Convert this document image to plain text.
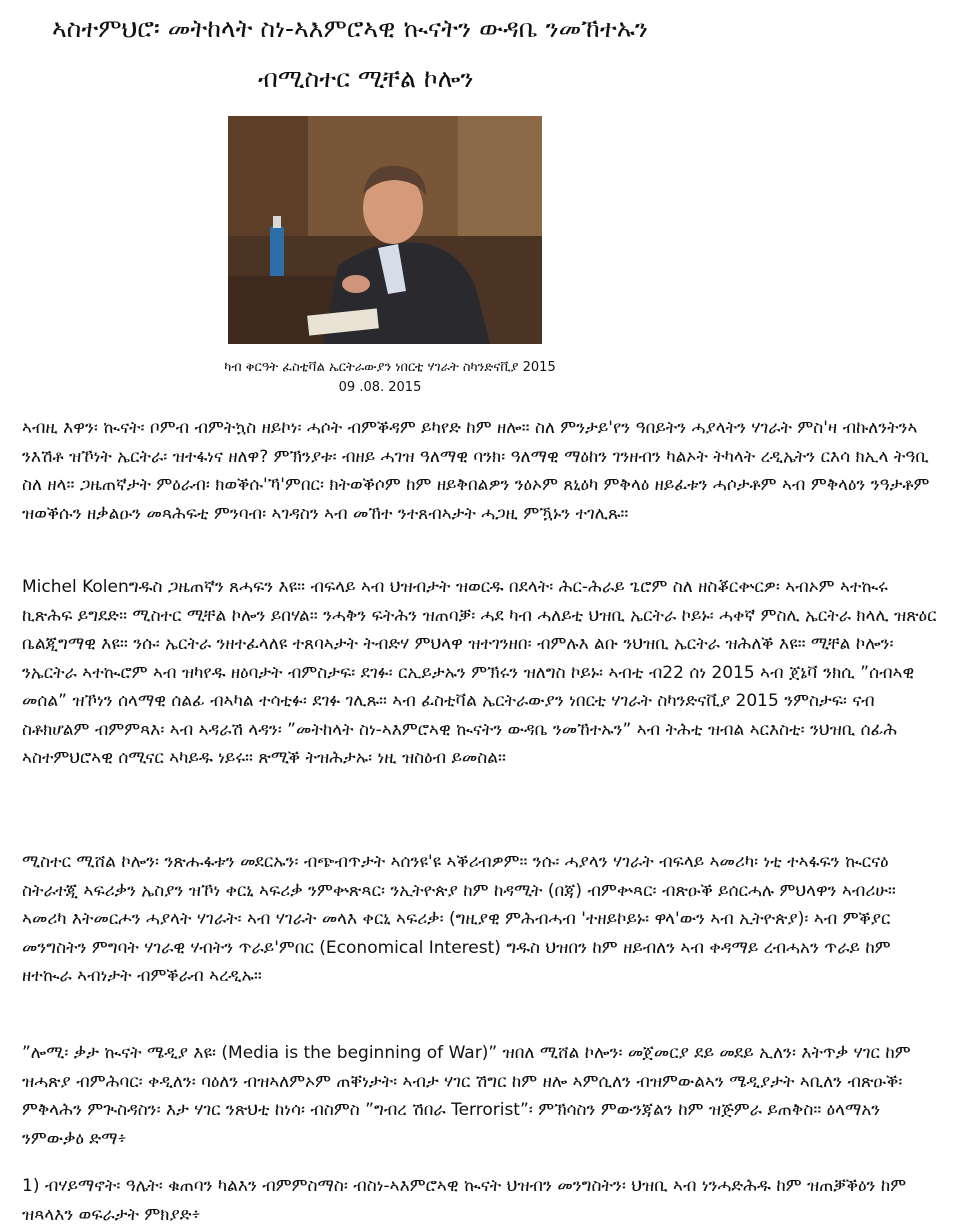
ኣስተምህሮ፡ መትከላት ስነ-ኣእምሮኣዊ ኲናትን ውዳቤ ንመኸተኡን
ብሚስተር ሚቸል ኮሎን

ካብ ቅርዓት ፈስቲቫል ኤርትራውያን ነበርቲ ሃገራት ስካንድናቪያ 2015

09 .08. 2015

ኣብዚ እዋን፡ ኲናት፡ ቦምብ ብምትኳስ ዘይኮነ፡ ሓሶት ብምቕዳም ይካየድ ከም ዘሎ። ስለ ምንታይ'የን ዓበይትን ሓያላትን ሃገራት ምስ'ዛ ብኩለንትንኣ ንእሽቶ ዝኾነት ኤርትራ፡ ዝተፋነና ዘለዋ? ምኽንያቱ፡ ብዘይ ሓገዝ ዓለማዊ ባንክ፡ ዓለማዊ ማዕከን ገንዘብን ካልኦት ትካላት ረዲኤትን ርእሳ ክኢላ ትዓቢ ስለ ዘላ። ጋዜጠኛታት ምዕራብ፡ ክወቕሱ'ኻ'ምበር፡ ክትወቕሶም ከም ዘይቅበልዎን ንዕኦም ጸኒዕካ ምቅላዕ ዘይፈቱን ሓሶታቶም ኣብ ምቅላዕን ንዓታቶም ዝወቕሱን ዘቃልዑን መጻሕፍቲ ምንባብ፡ ኣገዳስን ኣብ መኸተ ንተጸብኣታት ሓጋዚ ምዃኑን ተገሊጹ።

Michel Kolenግዱስ ጋዜጠኛን ጸሓፍን እዩ። ብፍላይ ኣብ ህዝብታት ዝወርዱ በደላት፡ ሕር-ሕራይ ጌሮም ስለ ዘስቖርቍርዎ፡ ኣብኦም ኣተኲሩ ኪጽሕፍ ይግደድ። ሚስተር ሚቸል ኮሎን ይበሃል። ንሓቅን ፍትሕን ዝጠባቓ፡ ሓደ ካብ ሓለይቲ ህዝቢ ኤርትራ ኮይኑ፡ ሓቀኛ ምስሊ ኤርትራ ክላሊ ዝጽዕር ቤልጂግማዊ እዩ። ንሱ፡ ኤርትራ ንዘተፈላለዩ ተጸባኣታት ትብድሃ ምህላዋ ዝተገንዘበ፡ ብምሉእ ልቡ ንህዝቢ ኤርትራ ዝሕለቕ እዩ። ሚቸል ኮሎን፡ ንኤርትራ ኣተኲሮም ኣብ ዝካየዱ ዘዕባታት ብምስታፍ፡ ደገፉ፡ ርኢይታኡን ምኽሩን ዝለግስ ኮይኑ፡ ኣብቲ ብ22 ሰነ 2015 ኣብ ጀኔቫ ንክሲ ”ሰብኣዊ መሰል” ዝኾነን ሰላማዊ ሰልፊ ብኣካል ተሳቲፉ፡ ደገፉ ገሊጹ። ኣብ ፈስቲቫል ኤርትራውያን ነበርቲ ሃገራት ስካንድናቪያ 2015 ንምስታፍ፡ ናብ ስቶክሆልም ብምምጻእ፡ ኣብ ኣዳራሽ ላዳን፡ ”መትከላት ስነ-ኣእምሮኣዊ ኲናትን ውዳቤ ንመኸተኡን” ኣብ ትሕቲ ዝብል ኣርእስቲ፡ ንህዝቢ ሰፊሕ ኣስተምህሮኣዊ ሰሚናር ኣካይዱ ነይሩ። ጽሚቕ ትዝሕታኡ፡ ነዚ ዝስዕብ ይመስል።

ሚስተር ሚሸል ኮሎን፡ ንጽሑፋቱን መደርኡን፡ ብጭብጥታት ኣሰንዩ'ዩ ኣቕሪብዎም። ንሱ፡ ሓያላን ሃገራት ብፍላይ ኣመሪካ፡ ነቲ ተኣፋፍን ኲርናዕ ስትራተጂ ኣፍሪቃን ኤስያን ዝኾነ ቀርኒ ኣፍሪቃ ንምቍጽጻር፡ ንኢትዮጵያ ከም ከዳሚት (በጃ) ብምቍጻር፡ ብጽዑቕ ይሰርሓሉ ምህላዋን ኣብሪሁ። ኣመሪካ እትመርሖን ሓያላት ሃገራት፡ ኣብ ሃገራት መላእ ቀርኒ ኣፍሪቃ፡ (ግዚያዊ ምሕብሓብ 'ተዘይኮይኑ፡ ዋላ'ውን ኣብ ኢትዮጵያ)፡ ኣብ ምቕያር መንግስትን ምግባት ሃገራዊ ሃብትን ጥራይ'ምበር (Economical Interest) ግዱስ ህዝበን ከም ዘይብለን ኣብ ቀዳማይ ረብሓአን ጥራይ ከም ዘተኲራ ኣብነታት ብምቕራብ ኣረዲኡ።

”ሎሚ፡ ቃታ ኲናት ሜዲያ እዩ፡ (Media is the beginning of War)” ዝበለ ሚሸል ኮሎን፡ መጀመርያ ደይ መደይ ኢለን፡ እትጥቃ ሃገር ከም ዝሓጽያ ብምሕባር፡ ቀዲለን፡ ባዕለን ብዝኣለምኦም ጠቐነታት፡ ኣብታ ሃገር ሽግር ከም ዘሎ ኣምሲለን ብዝምውልኣን ሜዲያታት ኣቢለን ብጽዑቕ፡ ምቅላሕን ምጒስዳስን፡ እታ ሃገር ንጽህቲ ከነሳ፡ ብስምስ ”ግብረ ሽበራ Terrorist”፡ ምኽሳስን ምውንጃልን ከም ዝጅምራ ይጠቅስ። ዕላማአን ንምውቃዕ ድማ፥

1) ብሃይማኖት፡ ዓሌት፡ ቁጠባን ካልእን ብምምስማስ፡ ብስነ-ኣእምሮኣዊ ኲናት ህዝብን መንግስትን፡ ህዝቢ ኣብ ነንሓድሕዱ ከም ዝጠቓቕዕን ከም ዝጻላእን ወፍራታት ምክያድ፥
